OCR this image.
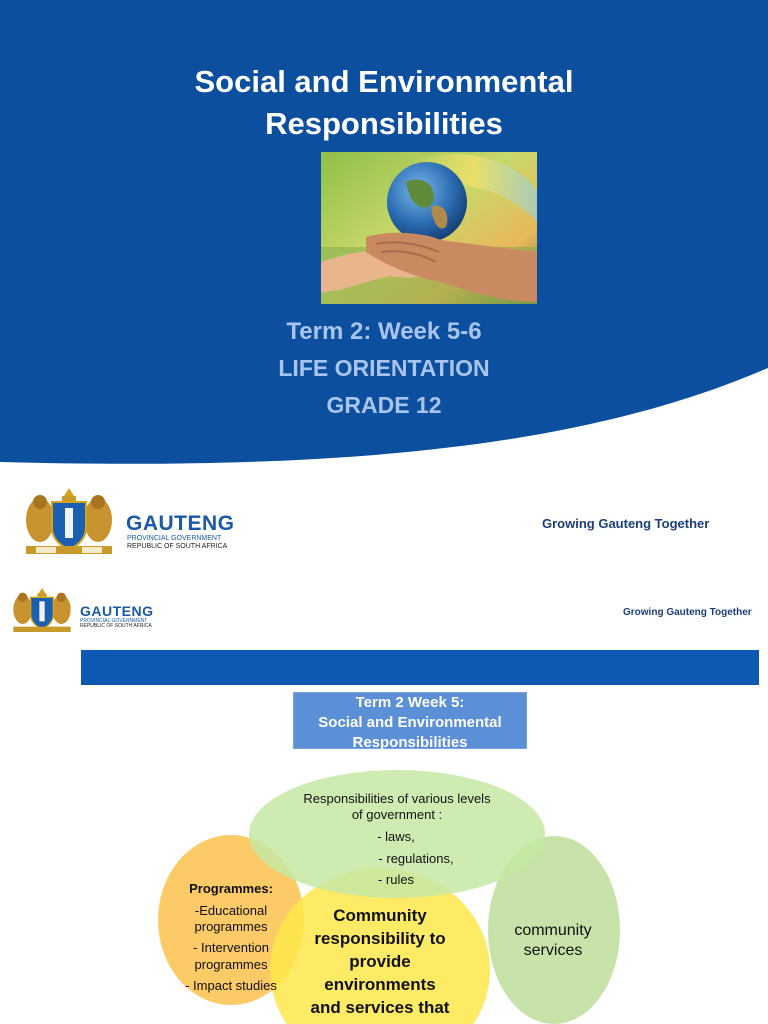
Social and Environmental
Responsibilities
Term 2: Week 5-6
LIFE ORIENTATION
GRADE 12
GAUTENG
PROVINCIAL GOVERNMENT
REPUBLIC OF SOUTH AFRICA
Growing Gauteng Together
GAUTENG
PROVINCIAL GOVERNMENT
REPUBLIC OF SOUTH AFRICA
Growing Gauteng Together
Term 2 Week 5:
Social and Environmental
Responsibilities
Responsibilities of various levels
of government :
- laws,
- regulations,
- rules
Programmes:
-Educational
programmes
- Intervention
programmes
- Impact studies
community
services
Community
responsibility to
provide
environments
and services that
